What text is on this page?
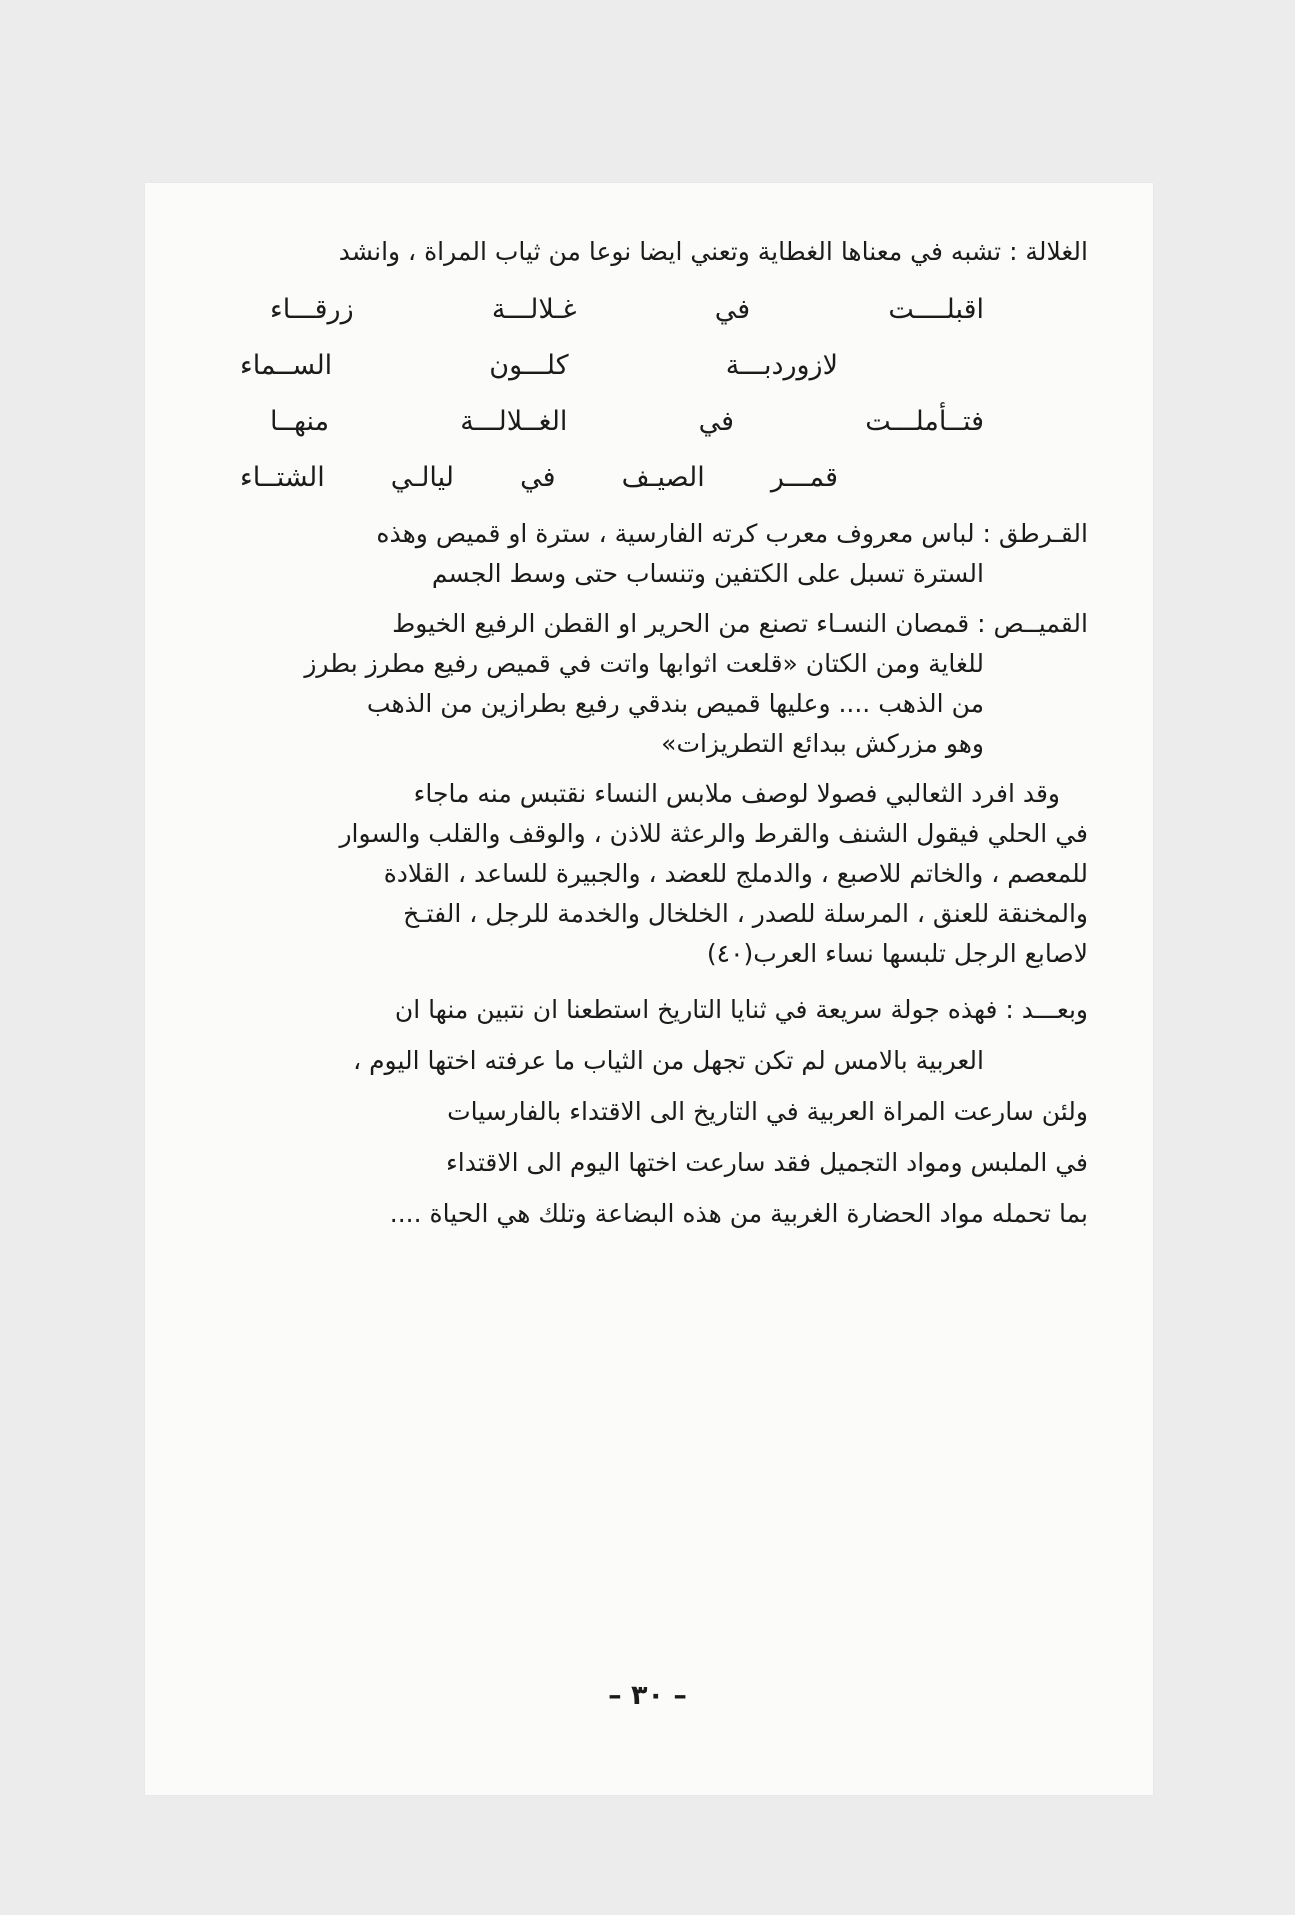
الغلالة : تشبه في معناها الغطاية وتعني ايضا نوعا من ثياب المراة ، وانشد
اقبلــــت في غـلالـــة زرقـــاء
لازوردبـــة كلـــون الســماء
فتــأملـــت في الغــلالـــة منهــا
قمـــر الصيـف في ليالـي الشتــاء
القـرطق : لباس معروف معرب كرته الفارسية ، سترة او قميص وهذه
السترة تسبل على الكتفين وتنساب حتى وسط الجسم
القميــص : قمصان النسـاء تصنع من الحرير او القطن الرفيع الخيوط
للغاية ومن الكتان «قلعت اثوابها واتت في قميص رفيع مطرز بطرز
من الذهب .... وعليها قميص بندقي رفيع بطرازين من الذهب
وهو مزركش ببدائع التطريزات»
وقد افرد الثعالبي فصولا لوصف ملابس النساء نقتبس منه ماجاء
في الحلي فيقول الشنف والقرط والرعثة للاذن ، والوقف والقلب والسوار
للمعصم ، والخاتم للاصبع ، والدملج للعضد ، والجبيرة للساعد ، القلادة
والمخنقة للعنق ، المرسلة للصدر ، الخلخال والخدمة للرجل ، الفتـخ
لاصابع الرجل تلبسها نساء العرب(٤٠)
وبعـــد : فهذه جولة سريعة في ثنايا التاريخ استطعنا ان نتبين منها ان
العربية بالامس لم تكن تجهل من الثياب ما عرفته اختها اليوم ،
ولئن سارعت المراة العربية في التاريخ الى الاقتداء بالفارسيات
في الملبس ومواد التجميل فقد سارعت اختها اليوم الى الاقتداء
بما تحمله مواد الحضارة الغربية من هذه البضاعة وتلك هي الحياة ....
– ٣٠ –
